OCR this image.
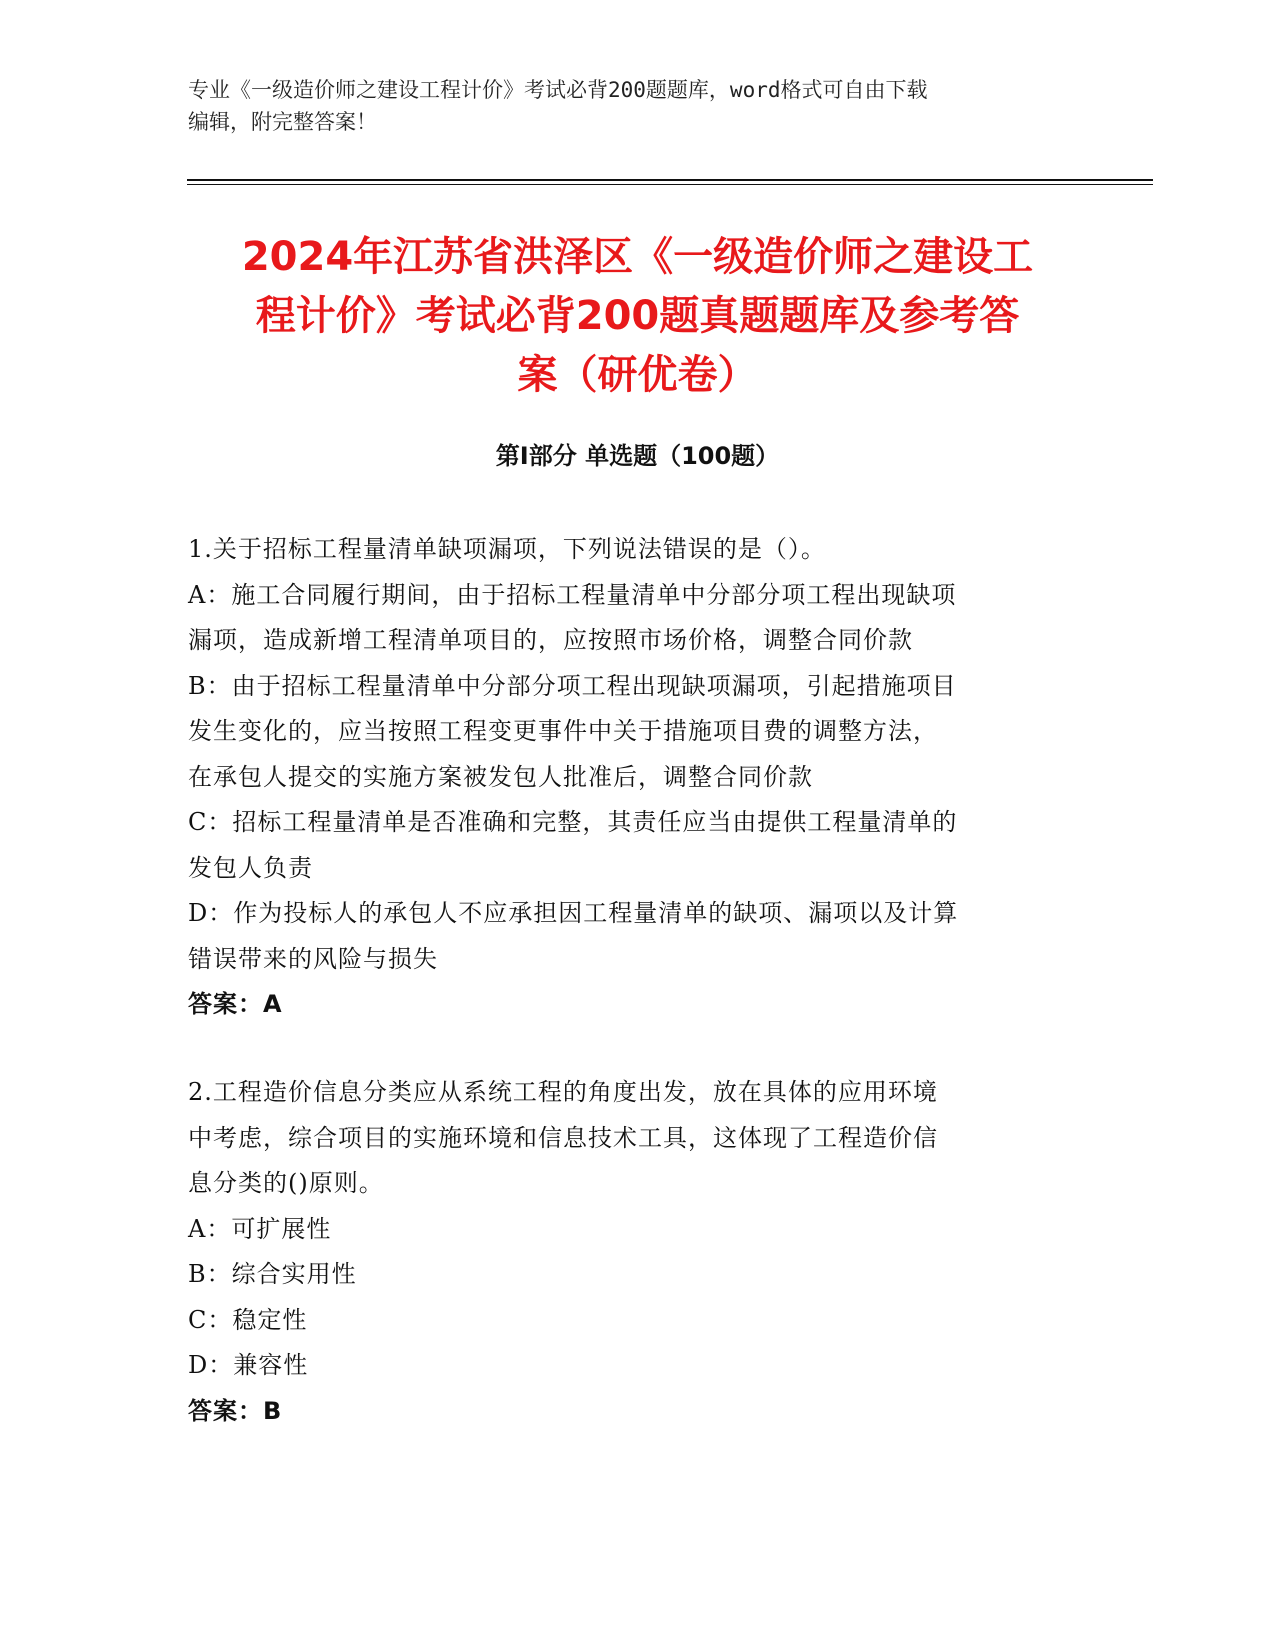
专业《一级造价师之建设工程计价》考试必背200题题库，word格式可自由下载
编辑，附完整答案！
2024年江苏省洪泽区《一级造价师之建设工
程计价》考试必背200题真题题库及参考答
案（研优卷）
第Ⅰ部分 单选题（100题）
1.关于招标工程量清单缺项漏项，下列说法错误的是（）。
A：施工合同履行期间，由于招标工程量清单中分部分项工程出现缺项
漏项，造成新增工程清单项目的，应按照市场价格，调整合同价款
B：由于招标工程量清单中分部分项工程出现缺项漏项，引起措施项目
发生变化的，应当按照工程变更事件中关于措施项目费的调整方法，
在承包人提交的实施方案被发包人批准后，调整合同价款
C：招标工程量清单是否准确和完整，其责任应当由提供工程量清单的
发包人负责
D：作为投标人的承包人不应承担因工程量清单的缺项、漏项以及计算
错误带来的风险与损失
答案：A
2.工程造价信息分类应从系统工程的角度出发，放在具体的应用环境
中考虑，综合项目的实施环境和信息技术工具，这体现了工程造价信
息分类的()原则。
A：可扩展性
B：综合实用性
C：稳定性
D：兼容性
答案：B
